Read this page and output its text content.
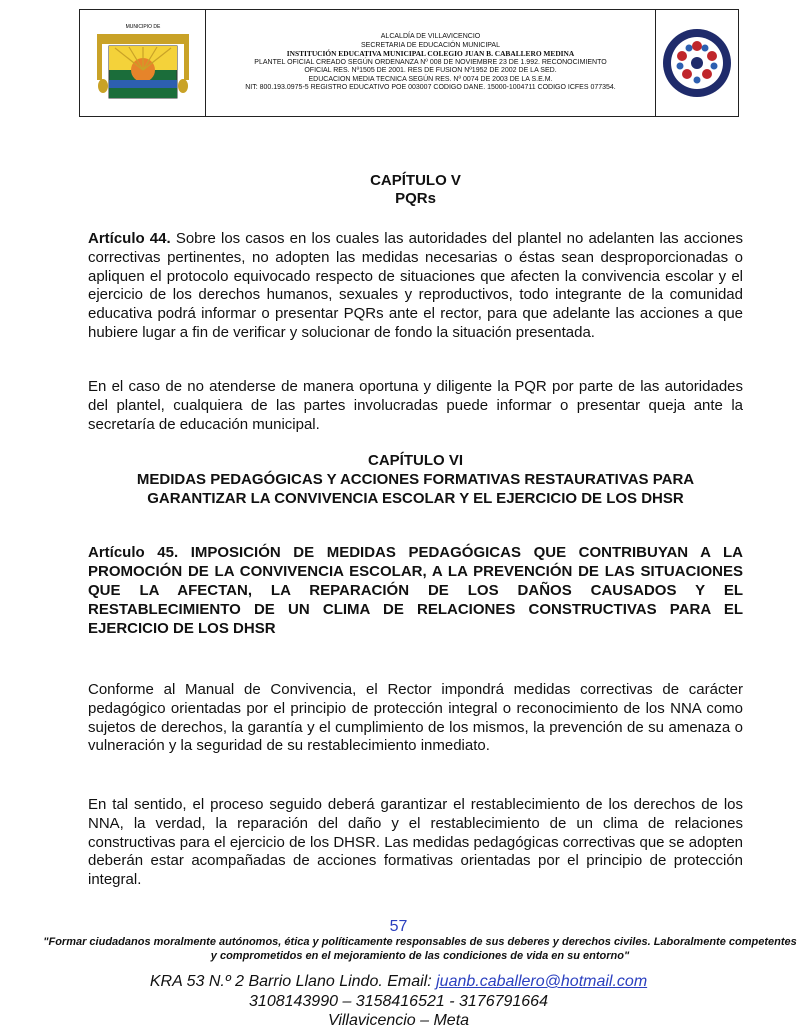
MUNICIPIO DE
ALCALDÍA DE VILLAVICENCIO
SECRETARIA DE EDUCACIÓN MUNICIPAL
INSTITUCIÓN EDUCATIVA MUNICIPAL COLEGIO JUAN B. CABALLERO MEDINA
PLANTEL OFICIAL CREADO SEGÚN ORDENANZA Nº 008 DE NOVIEMBRE 23 DE 1.992. RECONOCIMIENTO
OFICIAL RES. Nº1505 DE 2001. RES DE FUSION Nº1952 DE 2002 DE LA SED.
EDUCACION MEDIA TECNICA SEGÚN RES. Nº 0074 DE 2003 DE LA S.E.M.
NIT: 800.193.0975-5 REGISTRO EDUCATIVO POE 003007 CODIGO DANE. 15000-1004711 CODIGO ICFES 077354.
CAPÍTULO V
PQRs

Artículo 44. Sobre los casos en los cuales las autoridades del plantel no adelanten las acciones correctivas pertinentes, no adopten las medidas necesarias o éstas sean desproporcionadas o apliquen el protocolo equivocado respecto de situaciones que afecten la convivencia escolar y el ejercicio de los derechos humanos, sexuales y reproductivos, todo integrante de la comunidad educativa podrá informar o presentar PQRs ante el rector, para que adelante las acciones a que hubiere lugar a fin de verificar y solucionar de fondo la situación presentada.

En el caso de no atenderse de manera oportuna y diligente la PQR por parte de las autoridades del plantel, cualquiera de las partes involucradas puede informar o presentar queja ante la secretaría de educación municipal.

CAPÍTULO VI
MEDIDAS PEDAGÓGICAS Y ACCIONES FORMATIVAS RESTAURATIVAS PARA
GARANTIZAR LA CONVIVENCIA ESCOLAR Y EL EJERCICIO DE LOS DHSR

Artículo 45. IMPOSICIÓN DE MEDIDAS PEDAGÓGICAS QUE CONTRIBUYAN A LA PROMOCIÓN DE LA CONVIVENCIA ESCOLAR, A LA PREVENCIÓN DE LAS SITUACIONES QUE LA AFECTAN, LA REPARACIÓN DE LOS DAÑOS CAUSADOS Y EL RESTABLECIMIENTO DE UN CLIMA DE RELACIONES CONSTRUCTIVAS PARA EL EJERCICIO DE LOS DHSR

Conforme al Manual de Convivencia, el Rector impondrá medidas correctivas de carácter pedagógico orientadas por el principio de protección integral o reconocimiento de los NNA como sujetos de derechos, la garantía y el cumplimiento de los mismos, la prevención de su amenaza o vulneración y la seguridad de su restablecimiento inmediato.

En tal sentido, el proceso seguido deberá garantizar el restablecimiento de los derechos de los NNA, la verdad, la reparación del daño y el restablecimiento de un clima de relaciones constructivas para el ejercicio de los DHSR. Las medidas pedagógicas correctivas que se adopten deberán estar acompañadas de acciones formativas orientadas por el principio de protección integral.

57
"Formar ciudadanos moralmente autónomos, ética y políticamente responsables de sus deberes y derechos civiles. Laboralmente competentes y comprometidos en el mejoramiento de las condiciones de vida en su entorno"
KRA 53 N.º 2 Barrio Llano Lindo. Email: juanb.caballero@hotmail.com
3108143990 – 3158416521 - 3176791664
Villavicencio – Meta
